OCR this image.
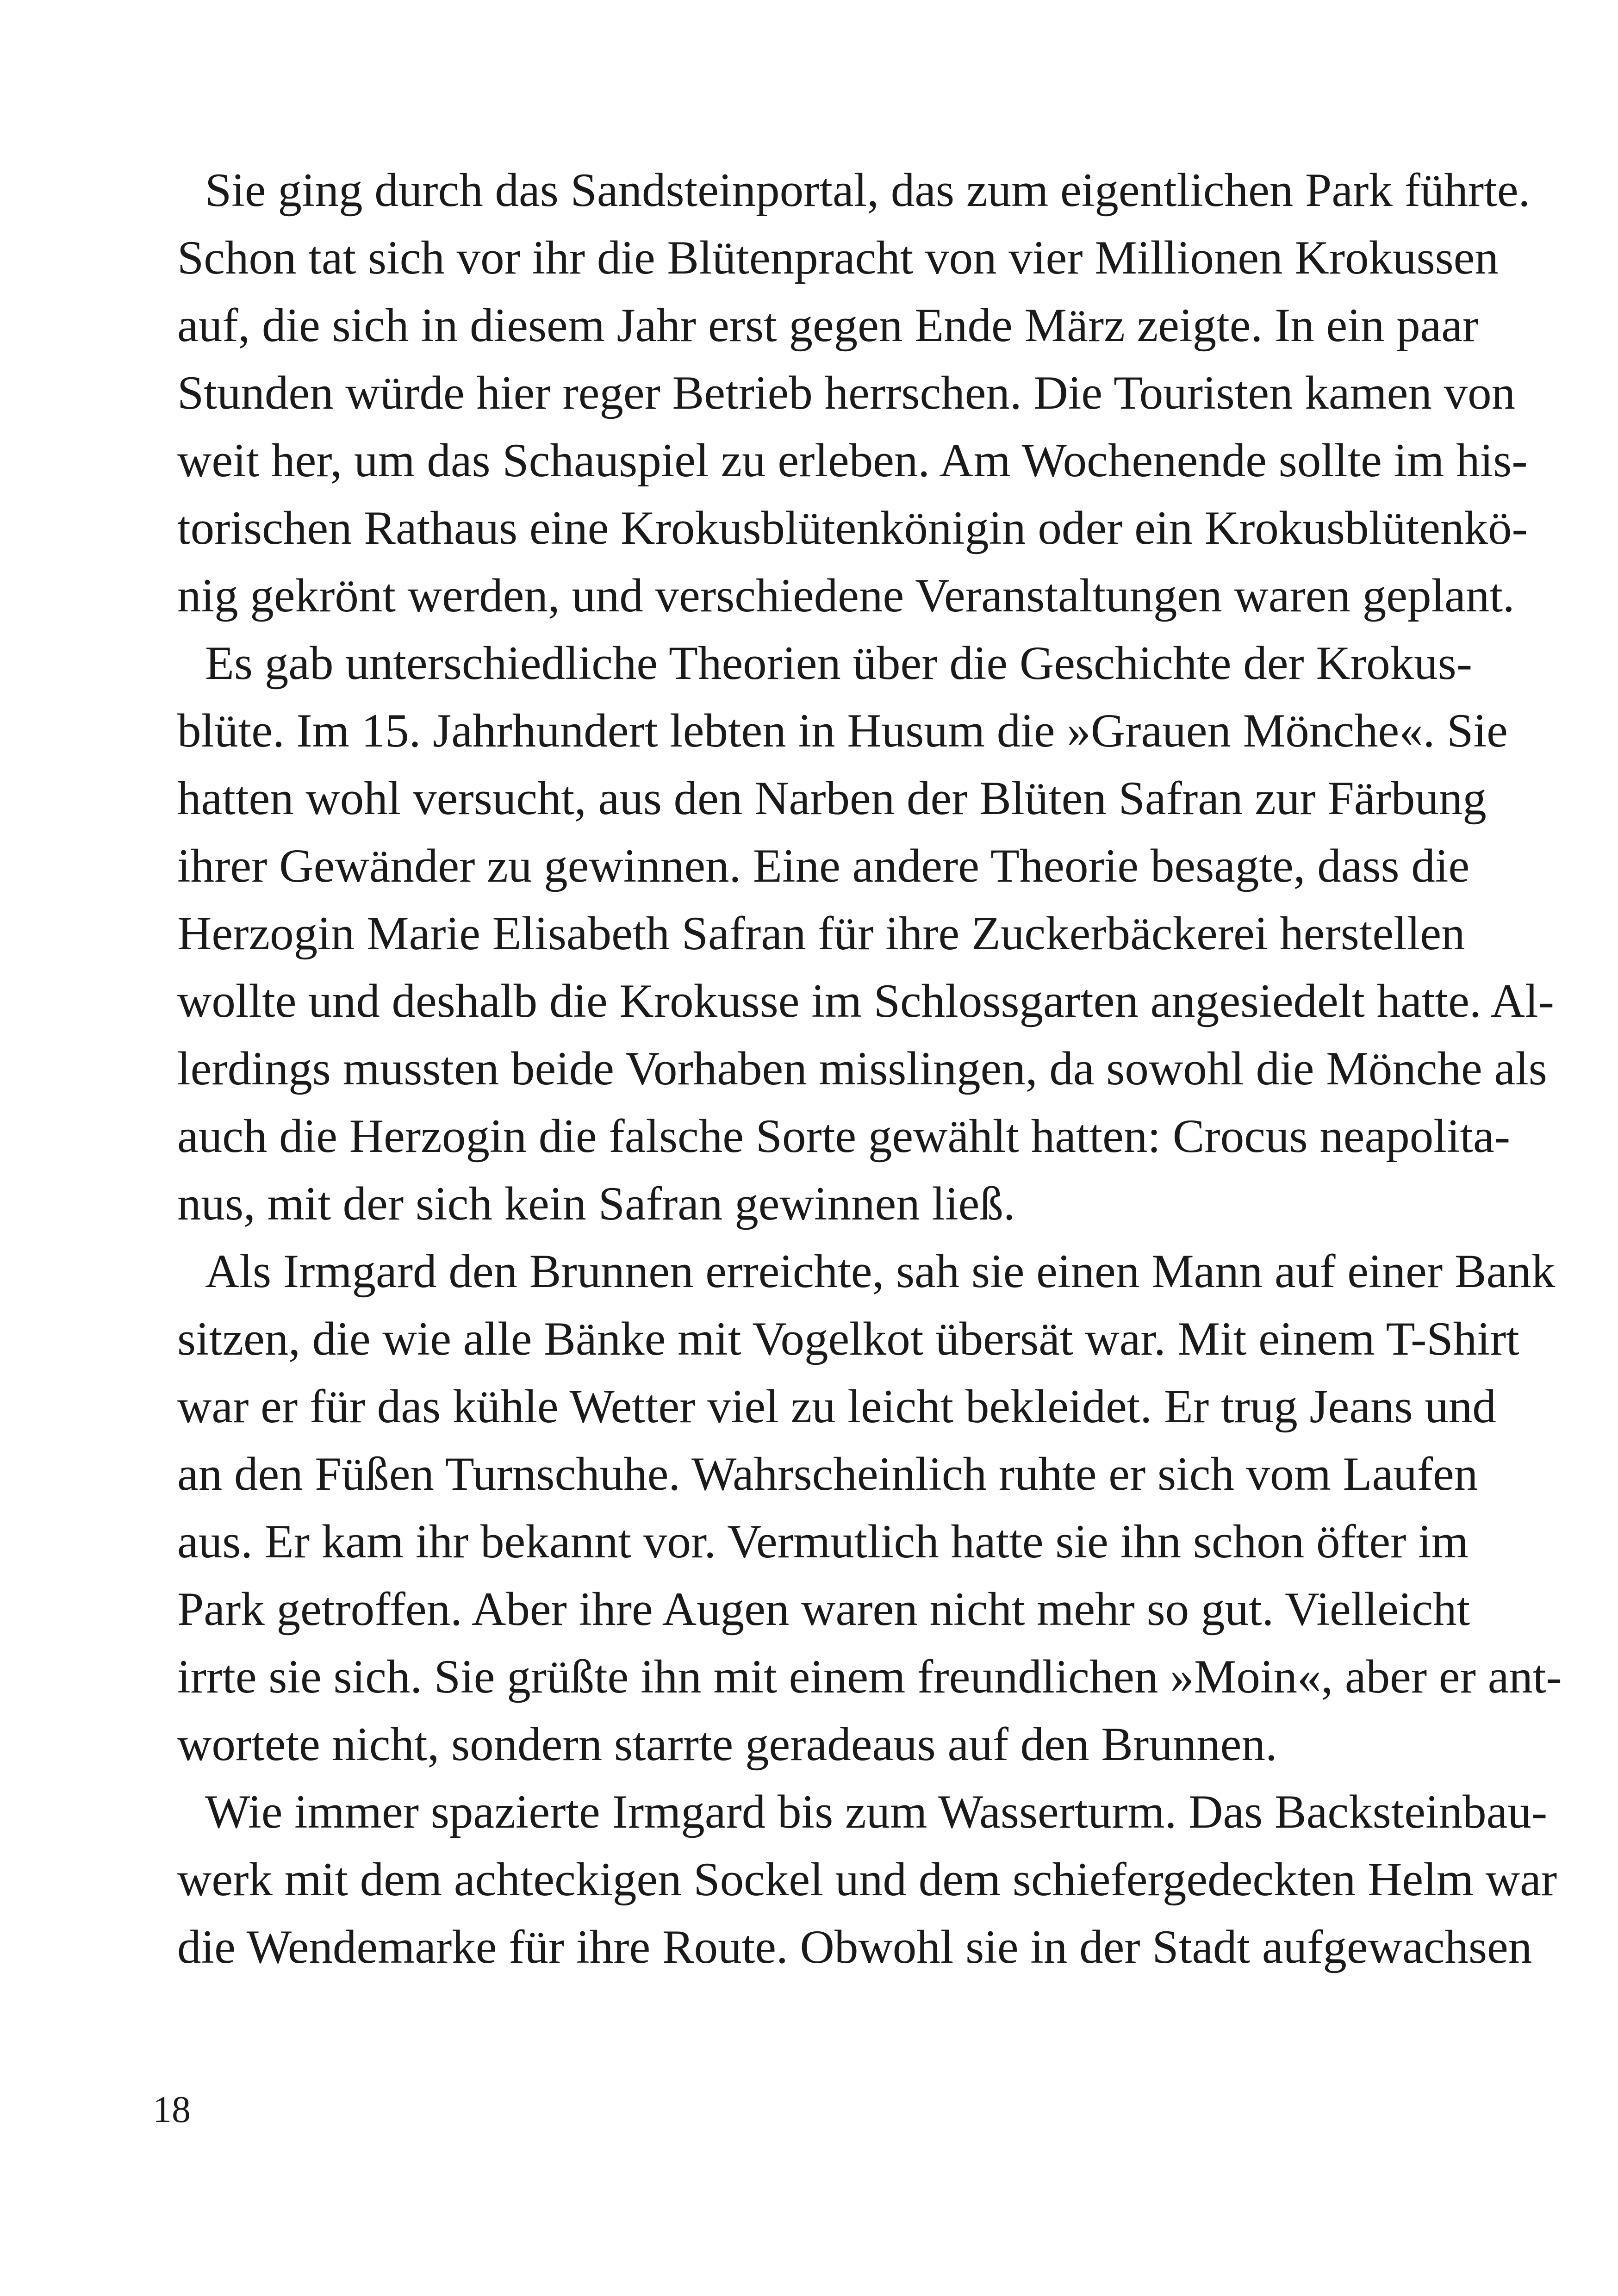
Sie ging durch das Sandsteinportal, das zum eigentlichen Park führte.
Schon tat sich vor ihr die Blütenpracht von vier Millionen Krokussen
auf, die sich in diesem Jahr erst gegen Ende März zeigte. In ein paar
Stunden würde hier reger Betrieb herrschen. Die Touristen kamen von
weit her, um das Schauspiel zu erleben. Am Wochenende sollte im his-
torischen Rathaus eine Krokusblütenkönigin oder ein Krokusblütenkö-
nig gekrönt werden, und verschiedene Veranstaltungen waren geplant.
Es gab unterschiedliche Theorien über die Geschichte der Krokus-
blüte. Im 15. Jahrhundert lebten in Husum die »Grauen Mönche«. Sie
hatten wohl versucht, aus den Narben der Blüten Safran zur Färbung
ihrer Gewänder zu gewinnen. Eine andere Theorie besagte, dass die
Herzogin Marie Elisabeth Safran für ihre Zuckerbäckerei herstellen
wollte und deshalb die Krokusse im Schlossgarten angesiedelt hatte. Al-
lerdings mussten beide Vorhaben misslingen, da sowohl die Mönche als
auch die Herzogin die falsche Sorte gewählt hatten: Crocus neapolita-
nus, mit der sich kein Safran gewinnen ließ.
Als Irmgard den Brunnen erreichte, sah sie einen Mann auf einer Bank
sitzen, die wie alle Bänke mit Vogelkot übersät war. Mit einem T-Shirt
war er für das kühle Wetter viel zu leicht bekleidet. Er trug Jeans und
an den Füßen Turnschuhe. Wahrscheinlich ruhte er sich vom Laufen
aus. Er kam ihr bekannt vor. Vermutlich hatte sie ihn schon öfter im
Park getroffen. Aber ihre Augen waren nicht mehr so gut. Vielleicht
irrte sie sich. Sie grüßte ihn mit einem freundlichen »Moin«, aber er ant-
wortete nicht, sondern starrte geradeaus auf den Brunnen.
Wie immer spazierte Irmgard bis zum Wasserturm. Das Backsteinbau-
werk mit dem achteckigen Sockel und dem schiefergedeckten Helm war
die Wendemarke für ihre Route. Obwohl sie in der Stadt aufgewachsen
18
